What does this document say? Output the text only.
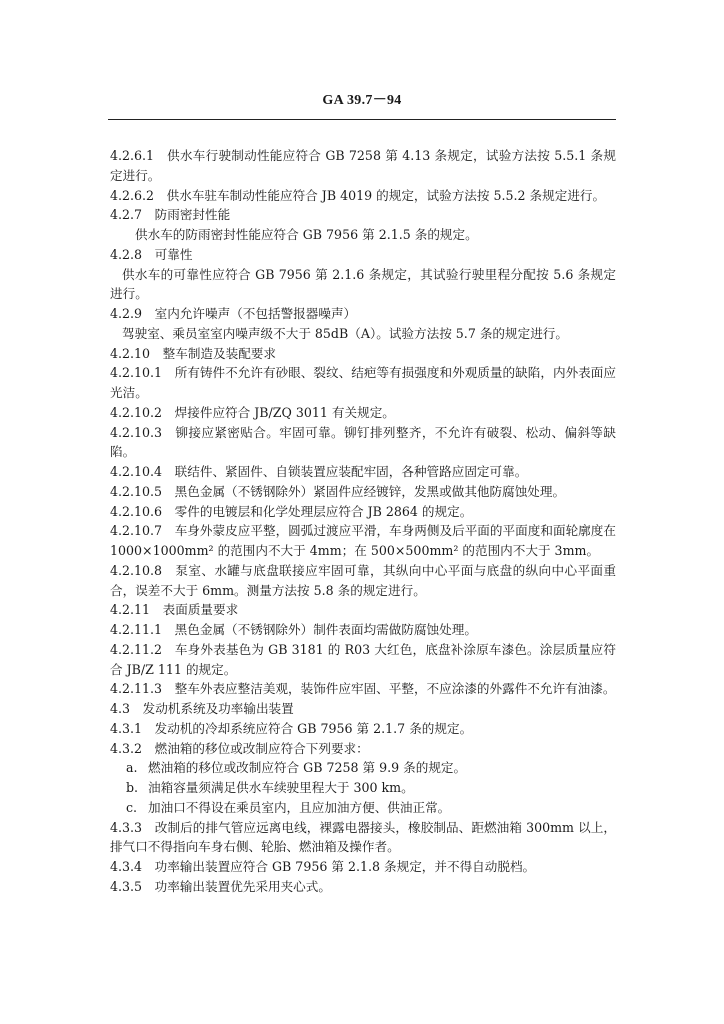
GA 39.7－94

4.2.6.1　供水车行驶制动性能应符合 GB 7258 第 4.13 条规定，试验方法按 5.5.1 条规定进行。

4.2.6.2　供水车驻车制动性能应符合 JB 4019 的规定，试验方法按 5.5.2 条规定进行。

4.2.7　防雨密封性能

供水车的防雨密封性能应符合 GB 7956 第 2.1.5 条的规定。

4.2.8　可靠性

供水车的可靠性应符合 GB 7956 第 2.1.6 条规定，其试验行驶里程分配按 5.6 条规定进行。

4.2.9　室内允许噪声（不包括警报器噪声）

驾驶室、乘员室室内噪声级不大于 85dB（A）。试验方法按 5.7 条的规定进行。

4.2.10　整车制造及装配要求

4.2.10.1　所有铸件不允许有砂眼、裂纹、结疤等有损强度和外观质量的缺陷，内外表面应光洁。

4.2.10.2　焊接件应符合 JB/ZQ 3011 有关规定。

4.2.10.3　铆接应紧密贴合。牢固可靠。铆钉排列整齐，不允许有破裂、松动、偏斜等缺陷。

4.2.10.4　联结件、紧固件、自锁装置应装配牢固，各种管路应固定可靠。

4.2.10.5　黑色金属（不锈钢除外）紧固件应经镀锌，发黑或做其他防腐蚀处理。

4.2.10.6　零件的电镀层和化学处理层应符合 JB 2864 的规定。

4.2.10.7　车身外蒙皮应平整，圆弧过渡应平滑，车身两侧及后平面的平面度和面轮廓度在 1000×1000mm² 的范围内不大于 4mm；在 500×500mm² 的范围内不大于 3mm。

4.2.10.8　泵室、水罐与底盘联接应牢固可靠，其纵向中心平面与底盘的纵向中心平面重合，误差不大于 6mm。测量方法按 5.8 条的规定进行。

4.2.11　表面质量要求

4.2.11.1　黑色金属（不锈钢除外）制件表面均需做防腐蚀处理。

4.2.11.2　车身外表基色为 GB 3181 的 R03 大红色，底盘补涂原车漆色。涂层质量应符合 JB/Z 111 的规定。

4.2.11.3　整车外表应整洁美观，装饰件应牢固、平整，不应涂漆的外露件不允许有油漆。

4.3　发动机系统及功率输出装置

4.3.1　发动机的冷却系统应符合 GB 7956 第 2.1.7 条的规定。

4.3.2　燃油箱的移位或改制应符合下列要求：

a. 燃油箱的移位或改制应符合 GB 7258 第 9.9 条的规定。

b. 油箱容量须满足供水车续驶里程大于 300 km。

c. 加油口不得设在乘员室内，且应加油方便、供油正常。

4.3.3　改制后的排气管应远离电线，裸露电器接头，橡胶制品、距燃油箱 300mm 以上，排气口不得指向车身右侧、轮胎、燃油箱及操作者。

4.3.4　功率输出装置应符合 GB 7956 第 2.1.8 条规定，并不得自动脱档。

4.3.5　功率输出装置优先采用夹心式。
